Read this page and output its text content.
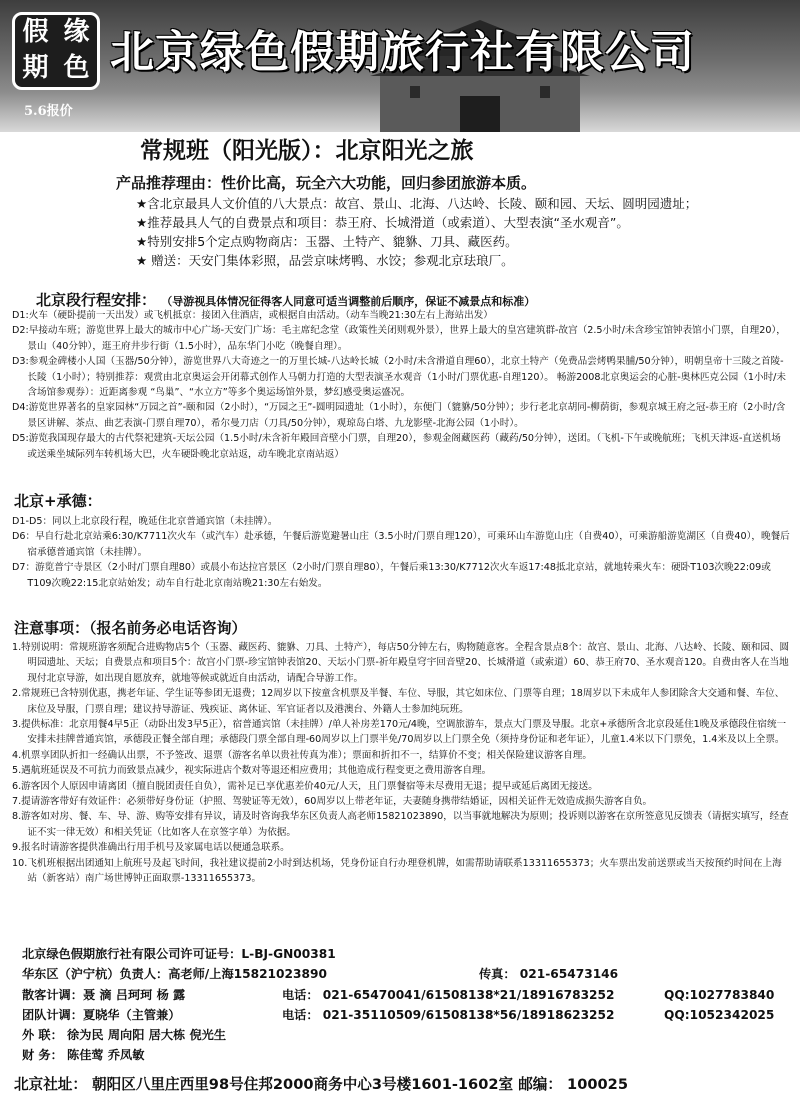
假 缘
期 色 北京绿色假期旅行社有限公司
5.6报价
常规班（阳光版）：北京阳光之旅
产品推荐理由：性价比高，玩全六大功能，回归参团旅游本质。
★含北京最具人文价值的八大景点：故宫、景山、北海、八达岭、长陵、颐和园、天坛、圆明园遗址；
★推荐最具人气的自费景点和项目：恭王府、长城滑道（或索道）、大型表演“圣水观音”。
★特别安排5个定点购物商店：玉器、土特产、貔貅、刀具、藏医药。
★ 赠送：天安门集体彩照，品尝京味烤鸭、水饺；参观北京珐琅厂。
北京段行程安排： （导游视具体情况征得客人同意可适当调整前后顺序，保证不减景点和标准）

D1:火车（硬卧提前一天出发）或飞机抵京：接团入住酒店，或根据自由活动。（动车当晚21:30左右上海站出发）

D2:早接动车班；游览世界上最大的城市中心广场-天安门广场：毛主席纪念堂（政策性关闭则观外景），世界上最大的皇宫建筑群-故宫（2.5小时/未含珍宝馆钟表馆小门票，自理20），景山（40分钟），逛王府井步行街（1.5小时），品东华门小吃（晚餐自理）。

D3:参观金碑楼小人国（玉器/50分钟），游览世界八大奇迹之一的万里长城-八达岭长城（2小时/未含滑道自理60），北京土特产（免费品尝烤鸭果脯/50分钟），明朝皇帝十三陵之首陵-长陵（1小时）；特别推荐：观赏由北京奥运会开闭幕式创作人马朝力打造的大型表演圣水观音（1小时/门票优惠-自理120）。 畅游2008北京奥运会的心脏-奥林匹克公园（1小时/未含场馆参观券）：近距离参观 “鸟巢”、“水立方”等多个奥运场馆外景，梦幻感受奥运盛况。

D4:游览世界著名的皇家园林“万园之首”-颐和园（2小时），“万园之王”-圆明园遗址（1小时），东便门（貔貅/50分钟）；步行老北京胡同-柳荫街，参观京城王府之冠-恭王府（2小时/含景区讲解、茶点、曲艺表演-门票自理70），希尔曼刀店（刀具/50分钟），观琼岛白塔、九龙影壁-北海公园（1小时）。

D5:游览我国现存最大的古代祭祀建筑-天坛公园（1.5小时/未含祈年殿回音壁小门票，自理20），参观金阁藏医药（藏药/50分钟），送团。（飞机-下午或晚航班；飞机天津返-直送机场或送乘坐城际列车转机场大巴，火车硬卧晚北京站返，动车晚北京南站返）

北京+承德：

D1-D5：同以上北京段行程，晚延住北京普通宾馆（未挂牌）。

D6：早自行赴北京站乘6:30/K7711次火车（或汽车）赴承德，午餐后游览避暑山庄（3.5小时/门票自理120），可乘环山车游览山庄（自费40），可乘游船游览湖区（自费40），晚餐后宿承德普通宾馆（未挂牌）。

D7：游览普宁寺景区（2小时/门票自理80）或晨小布达拉宫景区（2小时/门票自理80），午餐后乘13:30/K7712次火车返17:48抵北京站，就地转乘火车：硬卧T103次晚22:09或T109次晚22:15北京站始发；动车自行赴北京南站晚21:30左右始发。

注意事项：（报名前务必电话咨询）

1.特别说明：常规班游客须配合进购物店5个（玉器、藏医药、貔貅、刀具、土特产），每店50分钟左右，购物随意客。全程含景点8个：故宫、景山、北海、八达岭、长陵、颐和园、圆明园遗址、天坛；自费景点和项目5个：故宫小门票-珍宝馆钟表馆20、天坛小门票-祈年殿皇穹宇回音壁20、长城滑道（或索道）60、恭王府70、圣水观音120。自费由客人在当地现付北京导游，如出现自愿放弃，就地等候或就近自由活动，请配合导游工作。

2.常规班已含特别优惠，携老年证、学生证等参团无退费；12周岁以下按童含机票及半餐、车位、导服，其它如床位、门票等自理；18周岁以下未成年人参团除含大交通和餐、车位、床位及导服，门票自理；建议持导游证、残疾证、离休证、军官证者以及港澳台、外籍人士参加纯玩班。

3.提供标准：北京用餐4早5正（动卧出发3早5正），宿普通宾馆（未挂牌）/单人补房差170元/4晚，空调旅游车，景点大门票及导服。北京+承德所含北京段延住1晚及承德段住宿统一安排未挂牌普通宾馆，承德段正餐全部自理；承德段门票全部自理-60周岁以上门票半免/70周岁以上门票全免（须持身份证和老年证），儿童1.4米以下门票免，1.4米及以上全票。

4.机票享团队折扣一经确认出票，不予签改、退票（游客名单以贵社传真为准）；票面和折扣不一，结算价不变；相关保险建议游客自理。

5.遇航班延误及不可抗力而致景点减少，视实际进店个数对等退还相应费用；其他造成行程变更之费用游客自理。

6.游客因个人原因申请离团（擅自脱团责任自负），需补足已享优惠差价40元/人天，且门票餐宿等未尽费用无退；提早或延后离团无接送。

7.提请游客带好有效证件：必须带好身份证（护照、驾驶证等无效），60周岁以上带老年证，夫妻随身携带结婚证，因相关证件无效造成损失游客自负。

8.游客如对房、餐、车、导、游、购等安排有异议，请及时咨询我华东区负责人高老师15821023890，以当事就地解决为原则；投诉则以游客在京所签意见反馈表（请据实填写，经查证不实一律无效）和相关凭证（比如客人在京签字单）为依据。

9.报名时请游客提供准确出行用手机号及家属电话以便通急联系。

10.飞机班根据出团通知上航班号及起飞时间，我社建议提前2小时到达机场，凭身份证自行办理登机牌，如需帮助请联系13311655373；火车票出发前送票或当天按预约时间在上海站（新客站）南广场世博钟正面取票-13311655373。

北京绿色假期旅行社有限公司许可证号：L-BJ-GN00381
华东区（沪宁杭）负责人：高老师/上海15821023890	传真： 021-65473146
散客计调：聂 滴 吕珂珂 杨 露	电话： 021-65470041/61508138*21/18916783252	QQ:1027783840
团队计调：夏晓华（主管兼）	电话： 021-35110509/61508138*56/18918623252	QQ:1052342025
外 联： 徐为民 周向阳 居大栋 倪光生
财 务： 陈佳莺 乔凤敏
北京社址： 朝阳区八里庄西里98号住邦2000商务中心3号楼1601-1602室 邮编： 100025
